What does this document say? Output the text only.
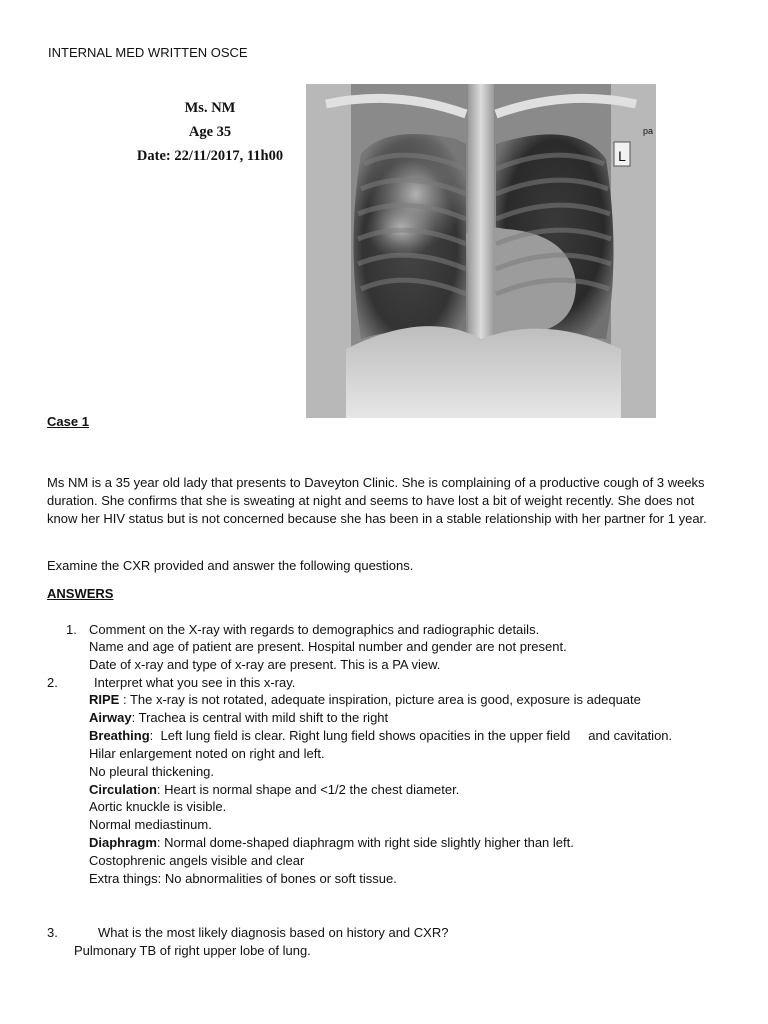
INTERNAL MED WRITTEN OSCE
Ms. NM
Age 35
Date: 22/11/2017, 11h00	L
pa
Case 1

Ms NM is a 35 year old lady that presents to Daveyton Clinic. She is complaining of a productive cough of 3 weeks duration. She confirms that she is sweating at night and seems to have lost a bit of weight recently. She does not know her HIV status but is not concerned because she has been in a stable relationship with her partner for 1 year.

Examine the CXR provided and answer the following questions.
ANSWERS
1. Comment on the X-ray with regards to demographics and radiographic details.
Name and age of patient are present. Hospital number and gender are not present.
Date of x-ray and type of x-ray are present. This is a PA view.
2.	Interpret what you see in this x-ray.
RIPE : The x-ray is not rotated, adequate inspiration, picture area is good, exposure is adequate
Airway: Trachea is central with mild shift to the right
Breathing:  Left lung field is clear. Right lung field shows opacities in the upper field     and cavitation.
Hilar enlargement noted on right and left.
No pleural thickening.
Circulation: Heart is normal shape and <1/2 the chest diameter.
Aortic knuckle is visible.
Normal mediastinum.
Diaphragm: Normal dome-shaped diaphragm with right side slightly higher than left.
Costophrenic angels visible and clear
Extra things: No abnormalities of bones or soft tissue.
3.	What is the most likely diagnosis based on history and CXR?
Pulmonary TB of right upper lobe of lung.
